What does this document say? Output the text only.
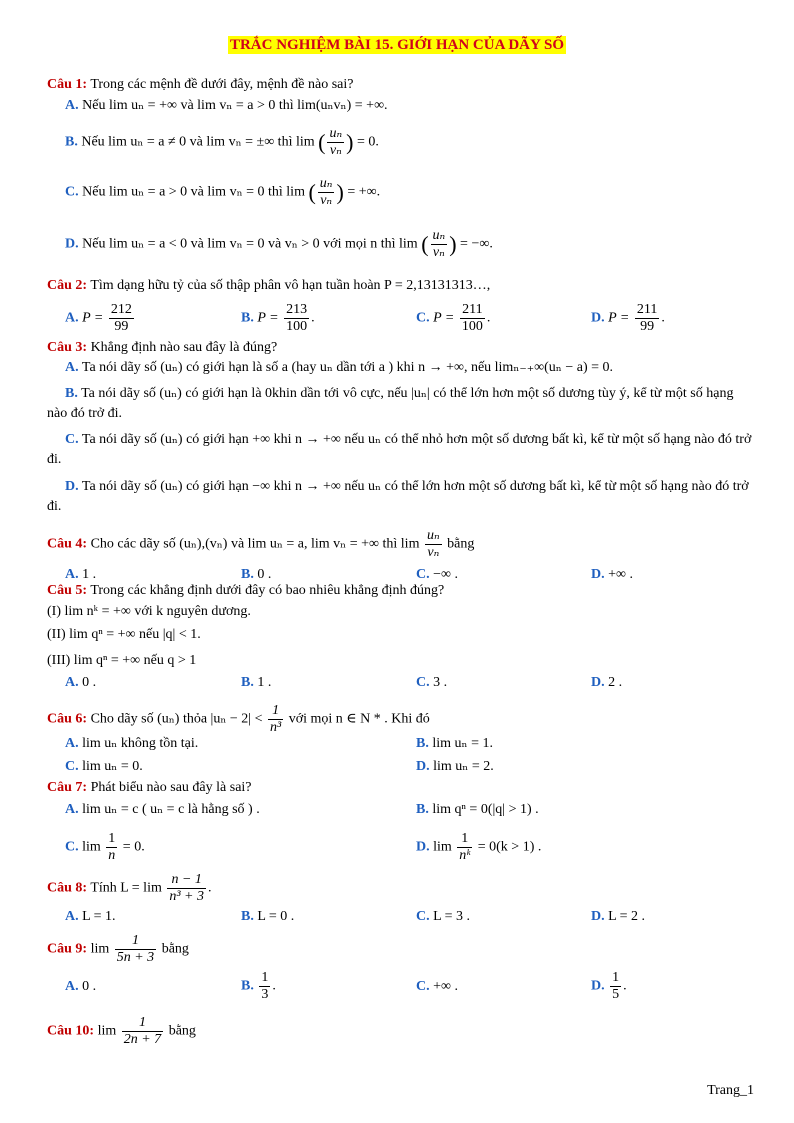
TRẮC NGHIỆM BÀI 15. GIỚI HẠN CỦA DÃY SỐ
Câu 1: Trong các mệnh đề dưới đây, mệnh đề nào sai?
A. Nếu lim uₙ = +∞ và lim vₙ = a > 0 thì lim(uₙvₙ) = +∞.
B. Nếu lim uₙ = a ≠ 0 và lim vₙ = ±∞ thì lim ( $\frac{\text{uₙ}}{\text{vₙ}}$ ) = 0.
C. Nếu lim uₙ = a > 0 và lim vₙ = 0 thì lim ( $\frac{\text{uₙ}}{\text{vₙ}}$ ) = +∞.
D. Nếu lim uₙ = a < 0 và lim vₙ = 0 và vₙ > 0 với mọi n thì lim ( $\frac{\text{uₙ}}{\text{vₙ}}$ ) = −∞.
Câu 2: Tìm dạng hữu tỷ của số thập phân vô hạn tuần hoàn P = 2,13131313…,
A. $P = \frac{212}{99}$	B. $P = \frac{213}{100}$ .	C. $P = \frac{211}{100}$ .	D. $P = \frac{211}{99}$ .
Câu 3: Khẳng định nào sau đây là đúng?
A. Ta nói dãy số (uₙ) có giới hạn là số a (hay uₙ dần tới a ) khi n → +∞, nếu limₙ₋₊∞(uₙ − a) = 0.
B. Ta nói dãy số (uₙ) có giới hạn là 0khin dần tới vô cực, nếu |uₙ| có thể lớn hơn một số dương tùy ý, kể từ một số hạng nào đó trở đi.
C. Ta nói dãy số (uₙ) có giới hạn +∞ khi n → +∞ nếu uₙ có thể nhỏ hơn một số dương bất kì, kể từ một số hạng nào đó trở đi.
D. Ta nói dãy số (uₙ) có giới hạn −∞ khi n → +∞ nếu uₙ có thể lớn hơn một số dương bất kì, kể từ một số hạng nào đó trở đi.
Câu 4: Cho các dãy số (uₙ),(vₙ) và lim uₙ = a, lim vₙ = +∞ thì $\lim \frac{\text{uₙ}}{\text{vₙ}}$ bằng
A. 1 .	B. 0 .	C. −∞ .	D. +∞ .
Câu 5: Trong các khẳng định dưới đây có bao nhiêu khẳng định đúng?
(I) lim nᵏ = +∞ với k nguyên dương.
(II) lim qⁿ = +∞ nếu |q| < 1.
(III) lim qⁿ = +∞ nếu q > 1
A. 0 .	B. 1 .	C. 3 .	D. 2 .
Câu 6: Cho dãy số (uₙ) thỏa $|u_n - 2| < \frac{1}{\text{n³}}$ với mọi n ∈ N * . Khi đó
A. lim uₙ không tồn tại.	B. lim uₙ = 1.
C. lim uₙ = 0.	D. lim uₙ = 2.
Câu 7: Phát biểu nào sau đây là sai?
A. lim uₙ = c ( uₙ = c là hằng số ) .	B. lim qⁿ = 0(|q| > 1) .
C. $\lim \frac{1}{n} = 0$.	D. $\lim \frac{1}{\text{nᵏ}} = 0(k > 1)$ .
Câu 8: Tính $L = \lim \frac{n - 1}{\text{n³ + 3}}$ .
A. L = 1.	B. L = 0 .	C. L = 3 .	D. L = 2 .
Câu 9: $\lim \frac{1}{5n + 3}$ bằng
A. 0 .	B. $\frac{1}{3}$ .	C. +∞ .	D. $\frac{1}{5}$ .
Câu 10: $\lim \frac{1}{2n + 7}$ bằng
Trang_1
